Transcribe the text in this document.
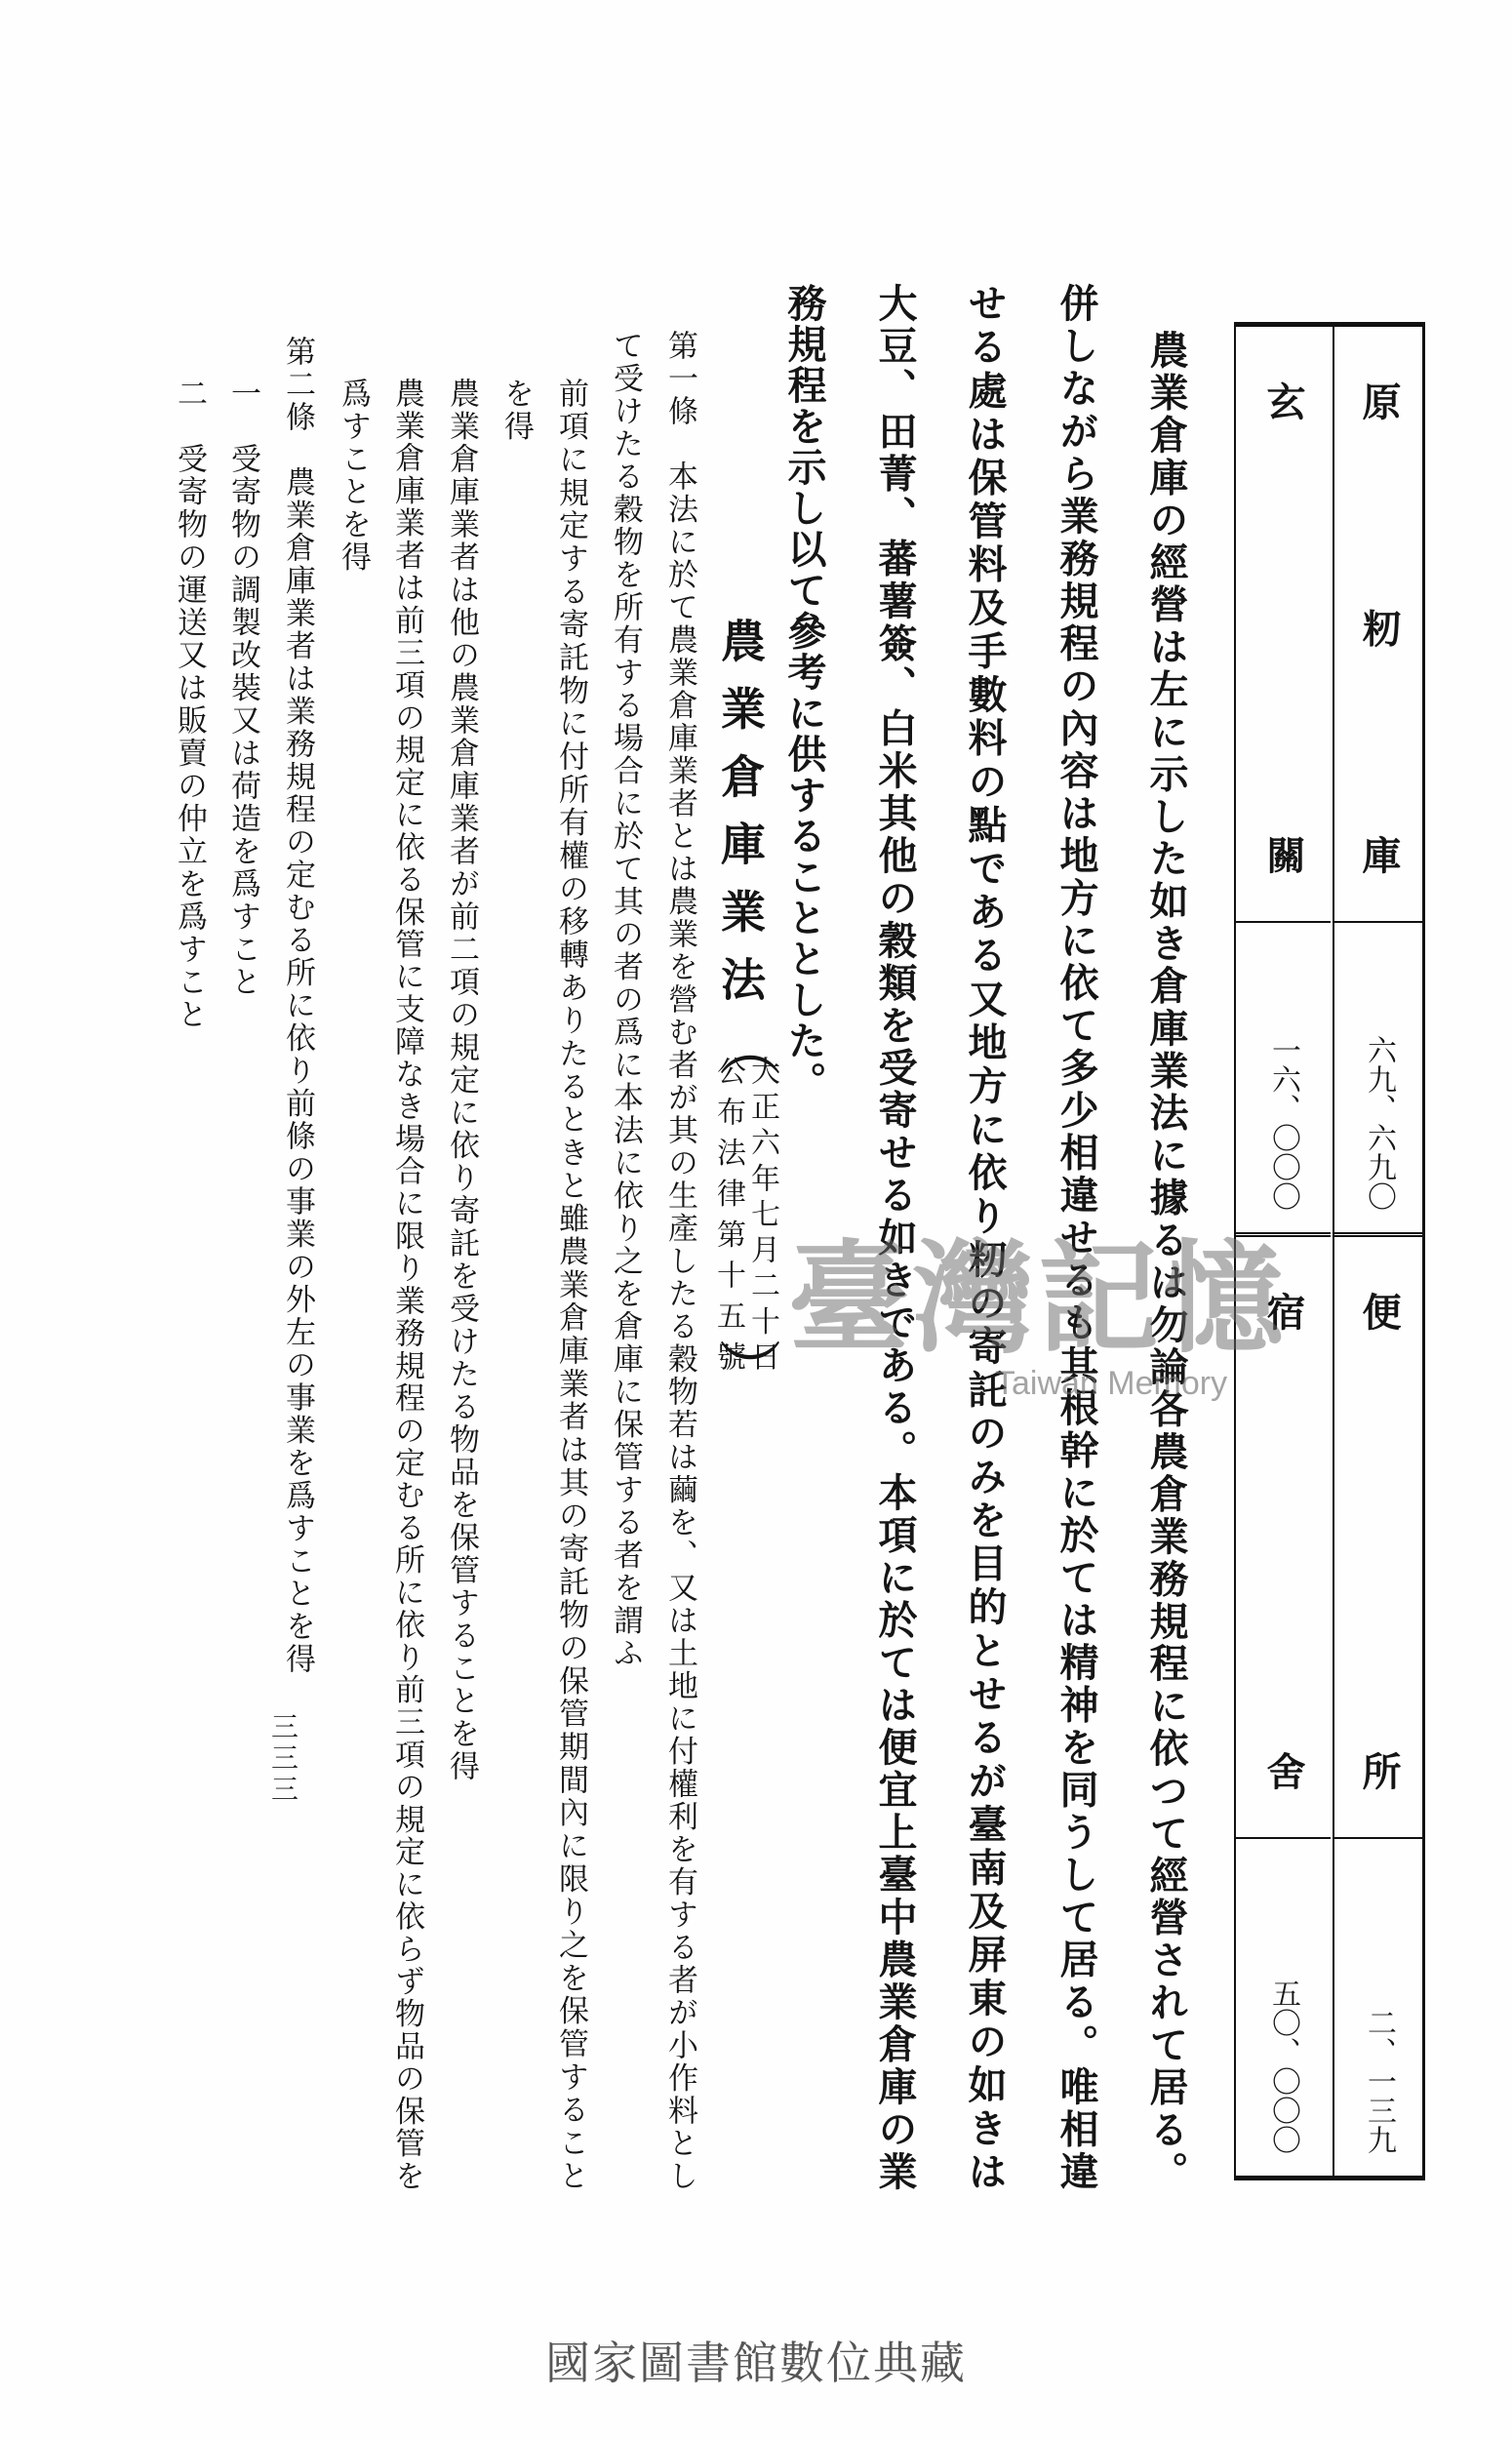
原籾庫
六九、六九〇
便所
二、一三九
玄關
一六、〇〇〇
宿舍
五〇、〇〇〇
農業倉庫の經營は左に示した如き倉庫業法に據るは勿論各農倉業務規程に依つて經營されて居る。
併しながら業務規程の內容は地方に依て多少相違せるも其根幹に於ては精神を同うして居る。唯相違
せる處は保管料及手數料の點である又地方に依り籾の寄託のみを目的とせるが臺南及屏東の如きは
大豆、田菁、蕃薯簽、白米其他の穀類を受寄せる如きである。本項に於ては便宜上臺中農業倉庫の業
務規程を示し以て參考に供することとした。
農業倉庫業法
（
大正六年七月二十日
公布法律第十五號
）
第一條　本法に於て農業倉庫業者とは農業を營む者が其の生產したる穀物若は繭を、又は土地に付權利を有する者が小作料とし
て受けたる穀物を所有する場合に於て其の者の爲に本法に依り之を倉庫に保管する者を謂ふ
前項に規定する寄託物に付所有權の移轉ありたるときと雖農業倉庫業者は其の寄託物の保管期間內に限り之を保管すること
を得
農業倉庫業者は他の農業倉庫業者が前二項の規定に依り寄託を受けたる物品を保管することを得
農業倉庫業者は前三項の規定に依る保管に支障なき場合に限り業務規程の定むる所に依り前三項の規定に依らず物品の保管を
爲すことを得
第二條　農業倉庫業者は業務規程の定むる所に依り前條の事業の外左の事業を爲すことを得
一　受寄物の調製改裝又は荷造を爲すこと
二　受寄物の運送又は販賣の仲立を爲すこと
三三三
臺灣記憶
Taiwan Memory
國家圖書館數位典藏
